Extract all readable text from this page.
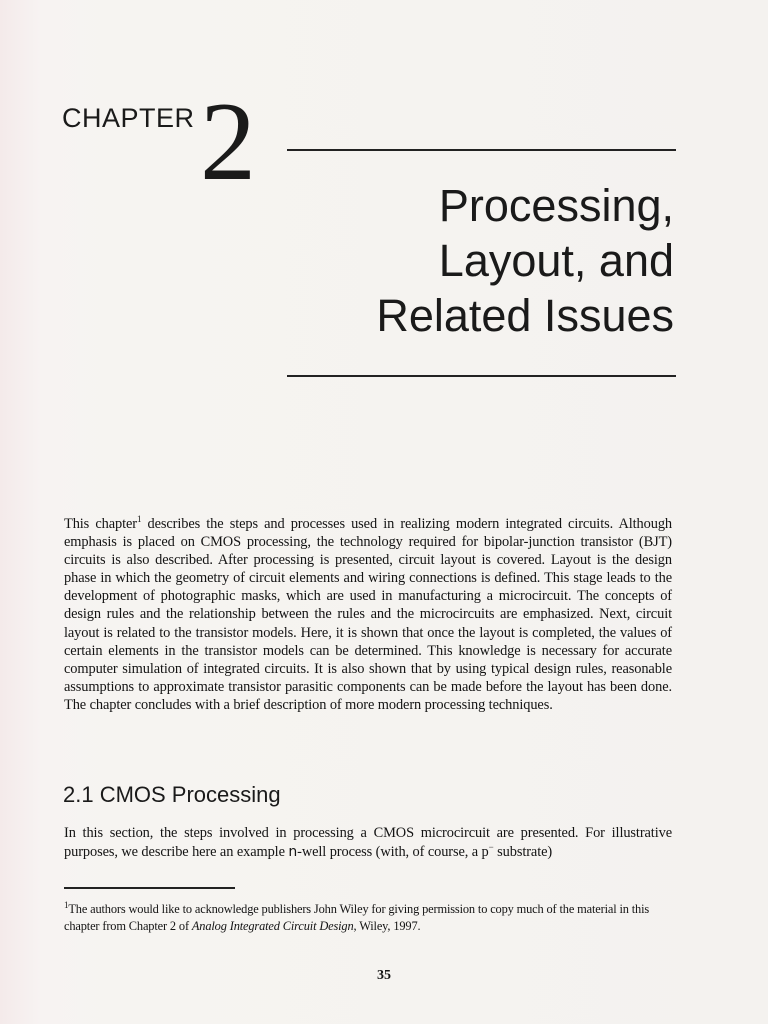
CHAPTER 2
Processing,
Layout, and
Related Issues

This chapter$^1$ describes the steps and processes used in realizing modern integrated circuits. Although emphasis is placed on CMOS processing, the technology required for bipolar-junction transistor (BJT) circuits is also described. After processing is presented, circuit layout is covered. Layout is the design phase in which the geometry of circuit elements and wiring connections is defined. This stage leads to the development of photographic masks, which are used in manufacturing a microcircuit. The concepts of design rules and the relationship between the rules and the microcircuits are emphasized. Next, circuit layout is related to the transistor models. Here, it is shown that once the layout is completed, the values of certain elements in the transistor models can be determined. This knowledge is necessary for accurate computer simulation of integrated circuits. It is also shown that by using typical design rules, reasonable assumptions to approximate transistor parasitic components can be made before the layout has been done. The chapter concludes with a brief description of more modern processing techniques.

2.1 CMOS Processing

In this section, the steps involved in processing a CMOS microcircuit are presented. For illustrative purposes, we describe here an example n-well process (with, of course, a p− substrate)

$^1$The authors would like to acknowledge publishers John Wiley for giving permission to copy much of the material in this chapter from Chapter 2 of Analog Integrated Circuit Design, Wiley, 1997.

35
